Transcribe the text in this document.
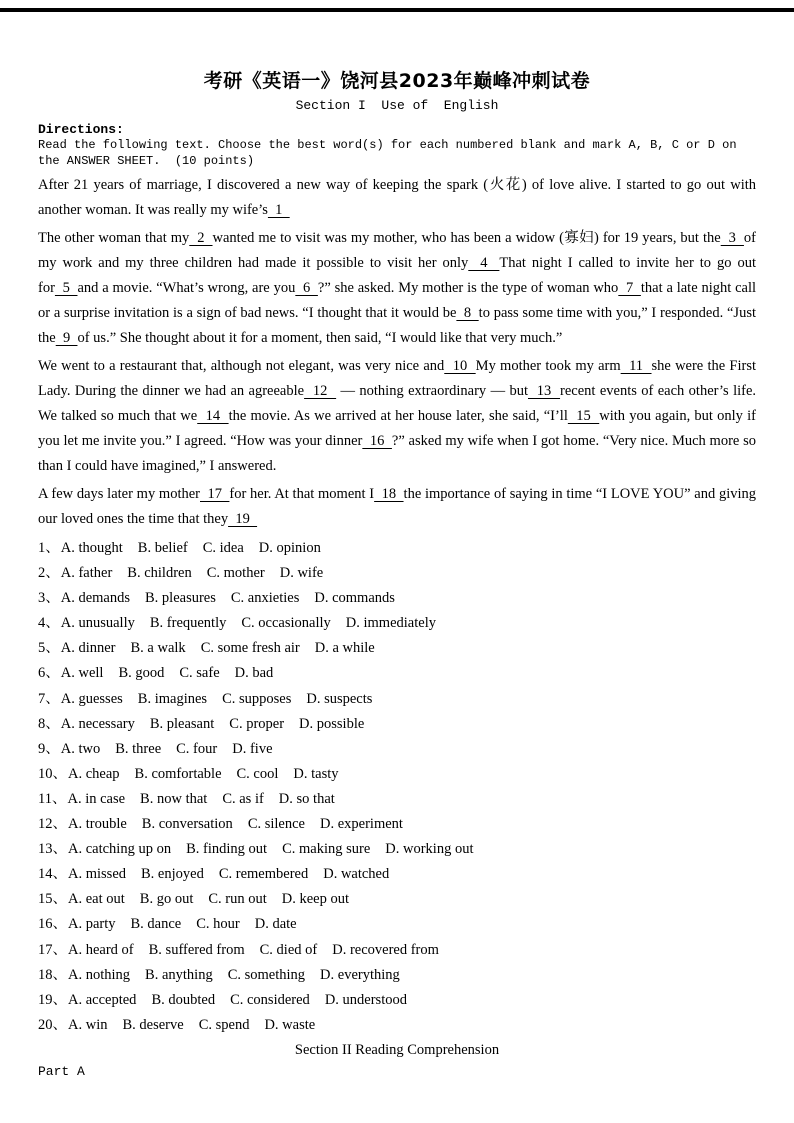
考研《英语一》饶河县2023年巅峰冲刺试卷
Section I  Use of  English
Directions:
Read the following text. Choose the best word(s) for each numbered blank and mark A, B, C or D on the ANSWER SHEET.  (10 points)

After 21 years of marriage, I discovered a new way of keeping the spark (火花) of love alive. I started to go out with another woman. It was really my wife’s  1

The other woman that my  2  wanted me to visit was my mother, who has been a widow (寡妇) for 19 years, but the  3  of my work and my three children had made it possible to visit her only  4  That night I called to invite her to go out for  5  and a movie. “What’s wrong, are you  6  ?” she asked. My mother is the type of woman who  7  that a late night call or a surprise invitation is a sign of bad news. “I thought that it would be  8  to pass some time with you,” I responded. “Just the  9  of us.” She thought about it for a moment, then said, “I would like that very much.”

We went to a restaurant that, although not elegant, was very nice and  10  My mother took my arm  11  she were the First Lady. During the dinner we had an agreeable  12   — nothing extraordinary — but  13  recent events of each other’s life. We talked so much that we  14  the movie. As we arrived at her house later, she said, “I’ll  15  with you again, but only if you let me invite you.” I agreed. “How was your dinner  16  ?” asked my wife when I got home. “Very nice. Much more so than I could have imagined,” I answered.

A few days later my mother  17  for her. At that moment I  18  the importance of saying in time “I LOVE YOU” and giving our loved ones the time that they  19

1、A. thought B. belief C. idea D. opinion
2、A. father B. children C. mother D. wife
3、A. demands B. pleasures C. anxieties D. commands
4、A. unusually B. frequently C. occasionally D. immediately
5、A. dinner B. a walk C. some fresh air D. a while
6、A. well B. good C. safe D. bad
7、A. guesses B. imagines C. supposes D. suspects
8、A. necessary B. pleasant C. proper D. possible
9、A. two B. three C. four D. five
10、A. cheap B. comfortable C. cool D. tasty
11、A. in case B. now that C. as if D. so that
12、A. trouble B. conversation C. silence D. experiment
13、A. catching up on B. finding out C. making sure D. working out
14、A. missed B. enjoyed C. remembered D. watched
15、A. eat out B. go out C. run out D. keep out
16、A. party B. dance C. hour D. date
17、A. heard of B. suffered from C. died of D. recovered from
18、A. nothing B. anything C. something D. everything
19、A. accepted B. doubted C. considered D. understood
20、A. win B. deserve C. spend D. waste
Section II Reading Comprehension
Part A
